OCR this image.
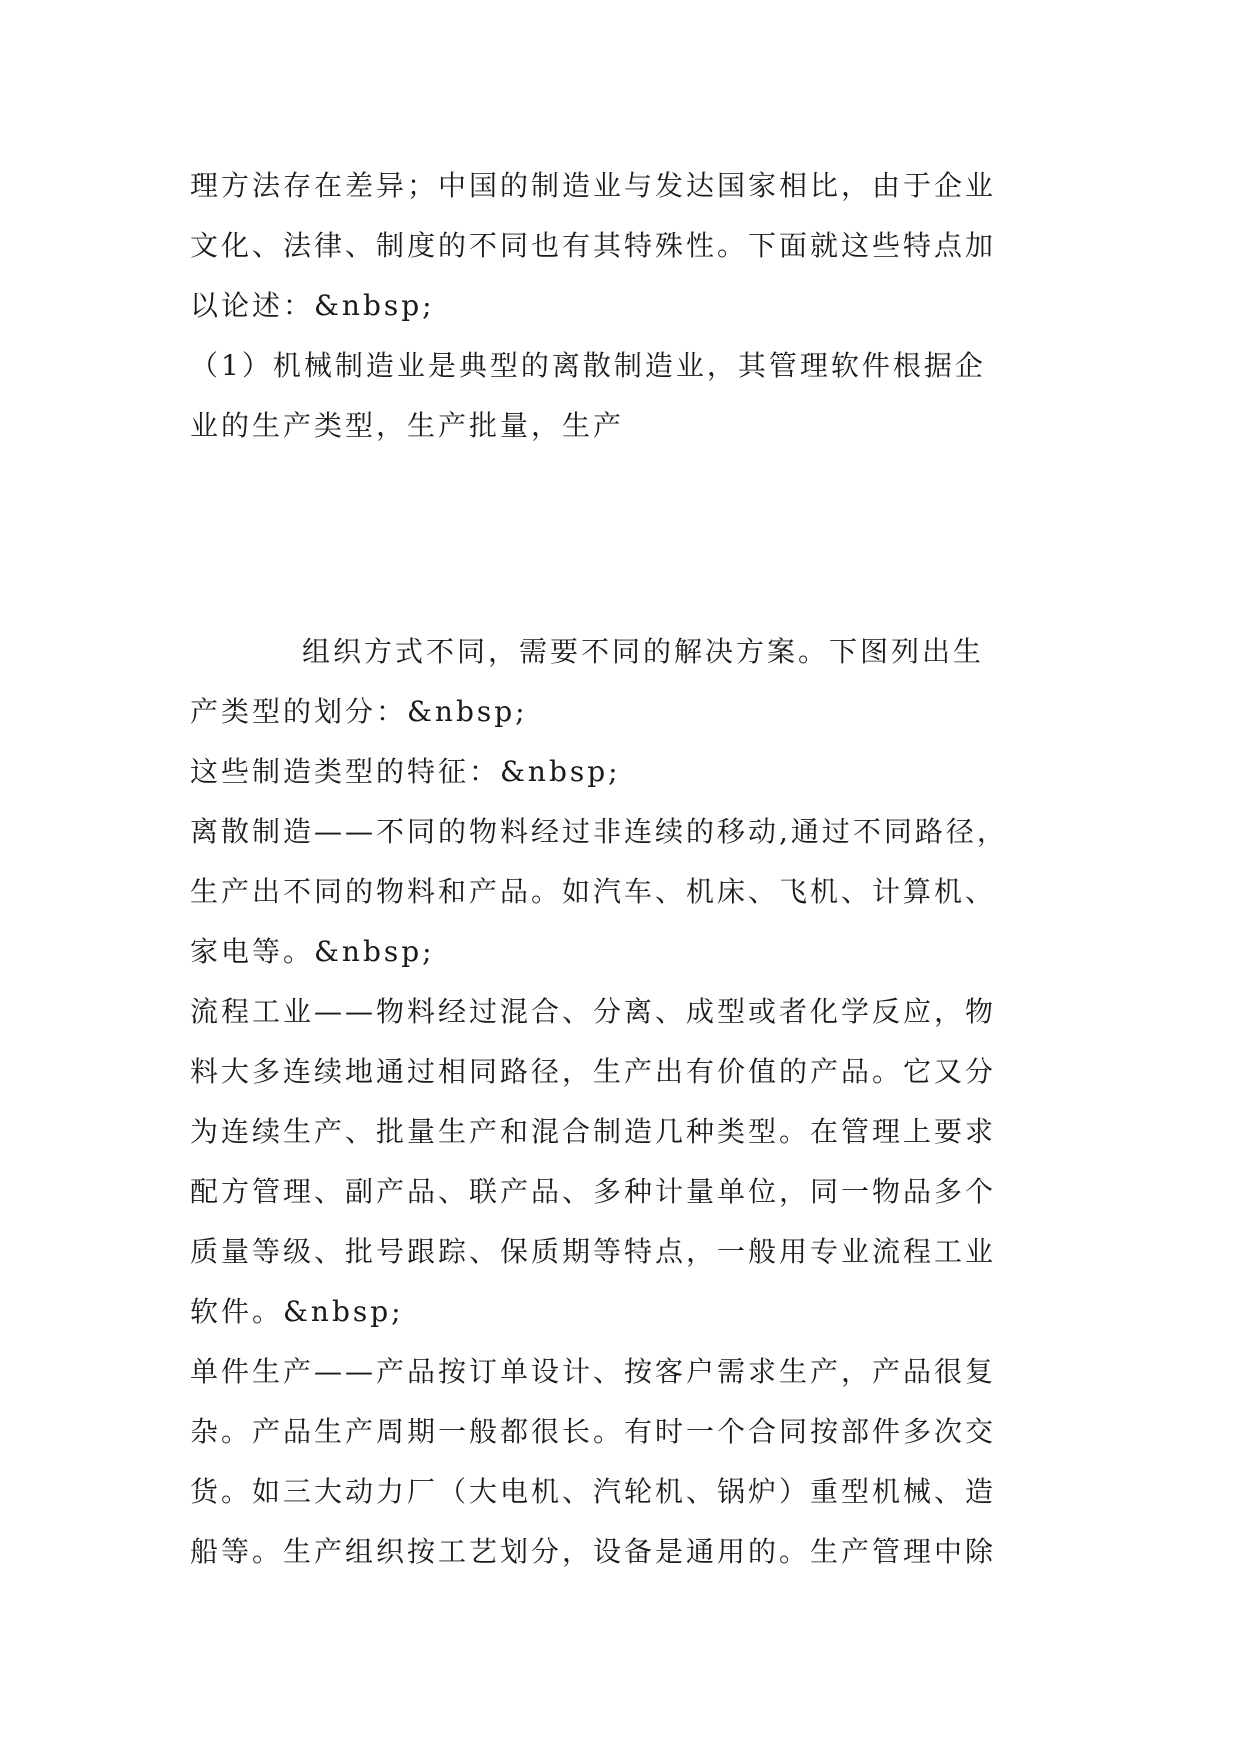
理方法存在差异；中国的制造业与发达国家相比，由于企业
文化、法律、制度的不同也有其特殊性。下面就这些特点加
以论述：&nbsp;
（1）机械制造业是典型的离散制造业，其管理软件根据企
业的生产类型，生产批量，生产
组织方式不同，需要不同的解决方案。下图列出生
产类型的划分：&nbsp;
这些制造类型的特征：&nbsp;
离散制造——不同的物料经过非连续的移动,通过不同路径，
生产出不同的物料和产品。如汽车、机床、飞机、计算机、
家电等。&nbsp;
流程工业——物料经过混合、分离、成型或者化学反应，物
料大多连续地通过相同路径，生产出有价值的产品。它又分
为连续生产、批量生产和混合制造几种类型。在管理上要求
配方管理、副产品、联产品、多种计量单位，同一物品多个
质量等级、批号跟踪、保质期等特点，一般用专业流程工业
软件。&nbsp;
单件生产——产品按订单设计、按客户需求生产，产品很复
杂。产品生产周期一般都很长。有时一个合同按部件多次交
货。如三大动力厂（大电机、汽轮机、锅炉）重型机械、造
船等。生产组织按工艺划分，设备是通用的。生产管理中除
